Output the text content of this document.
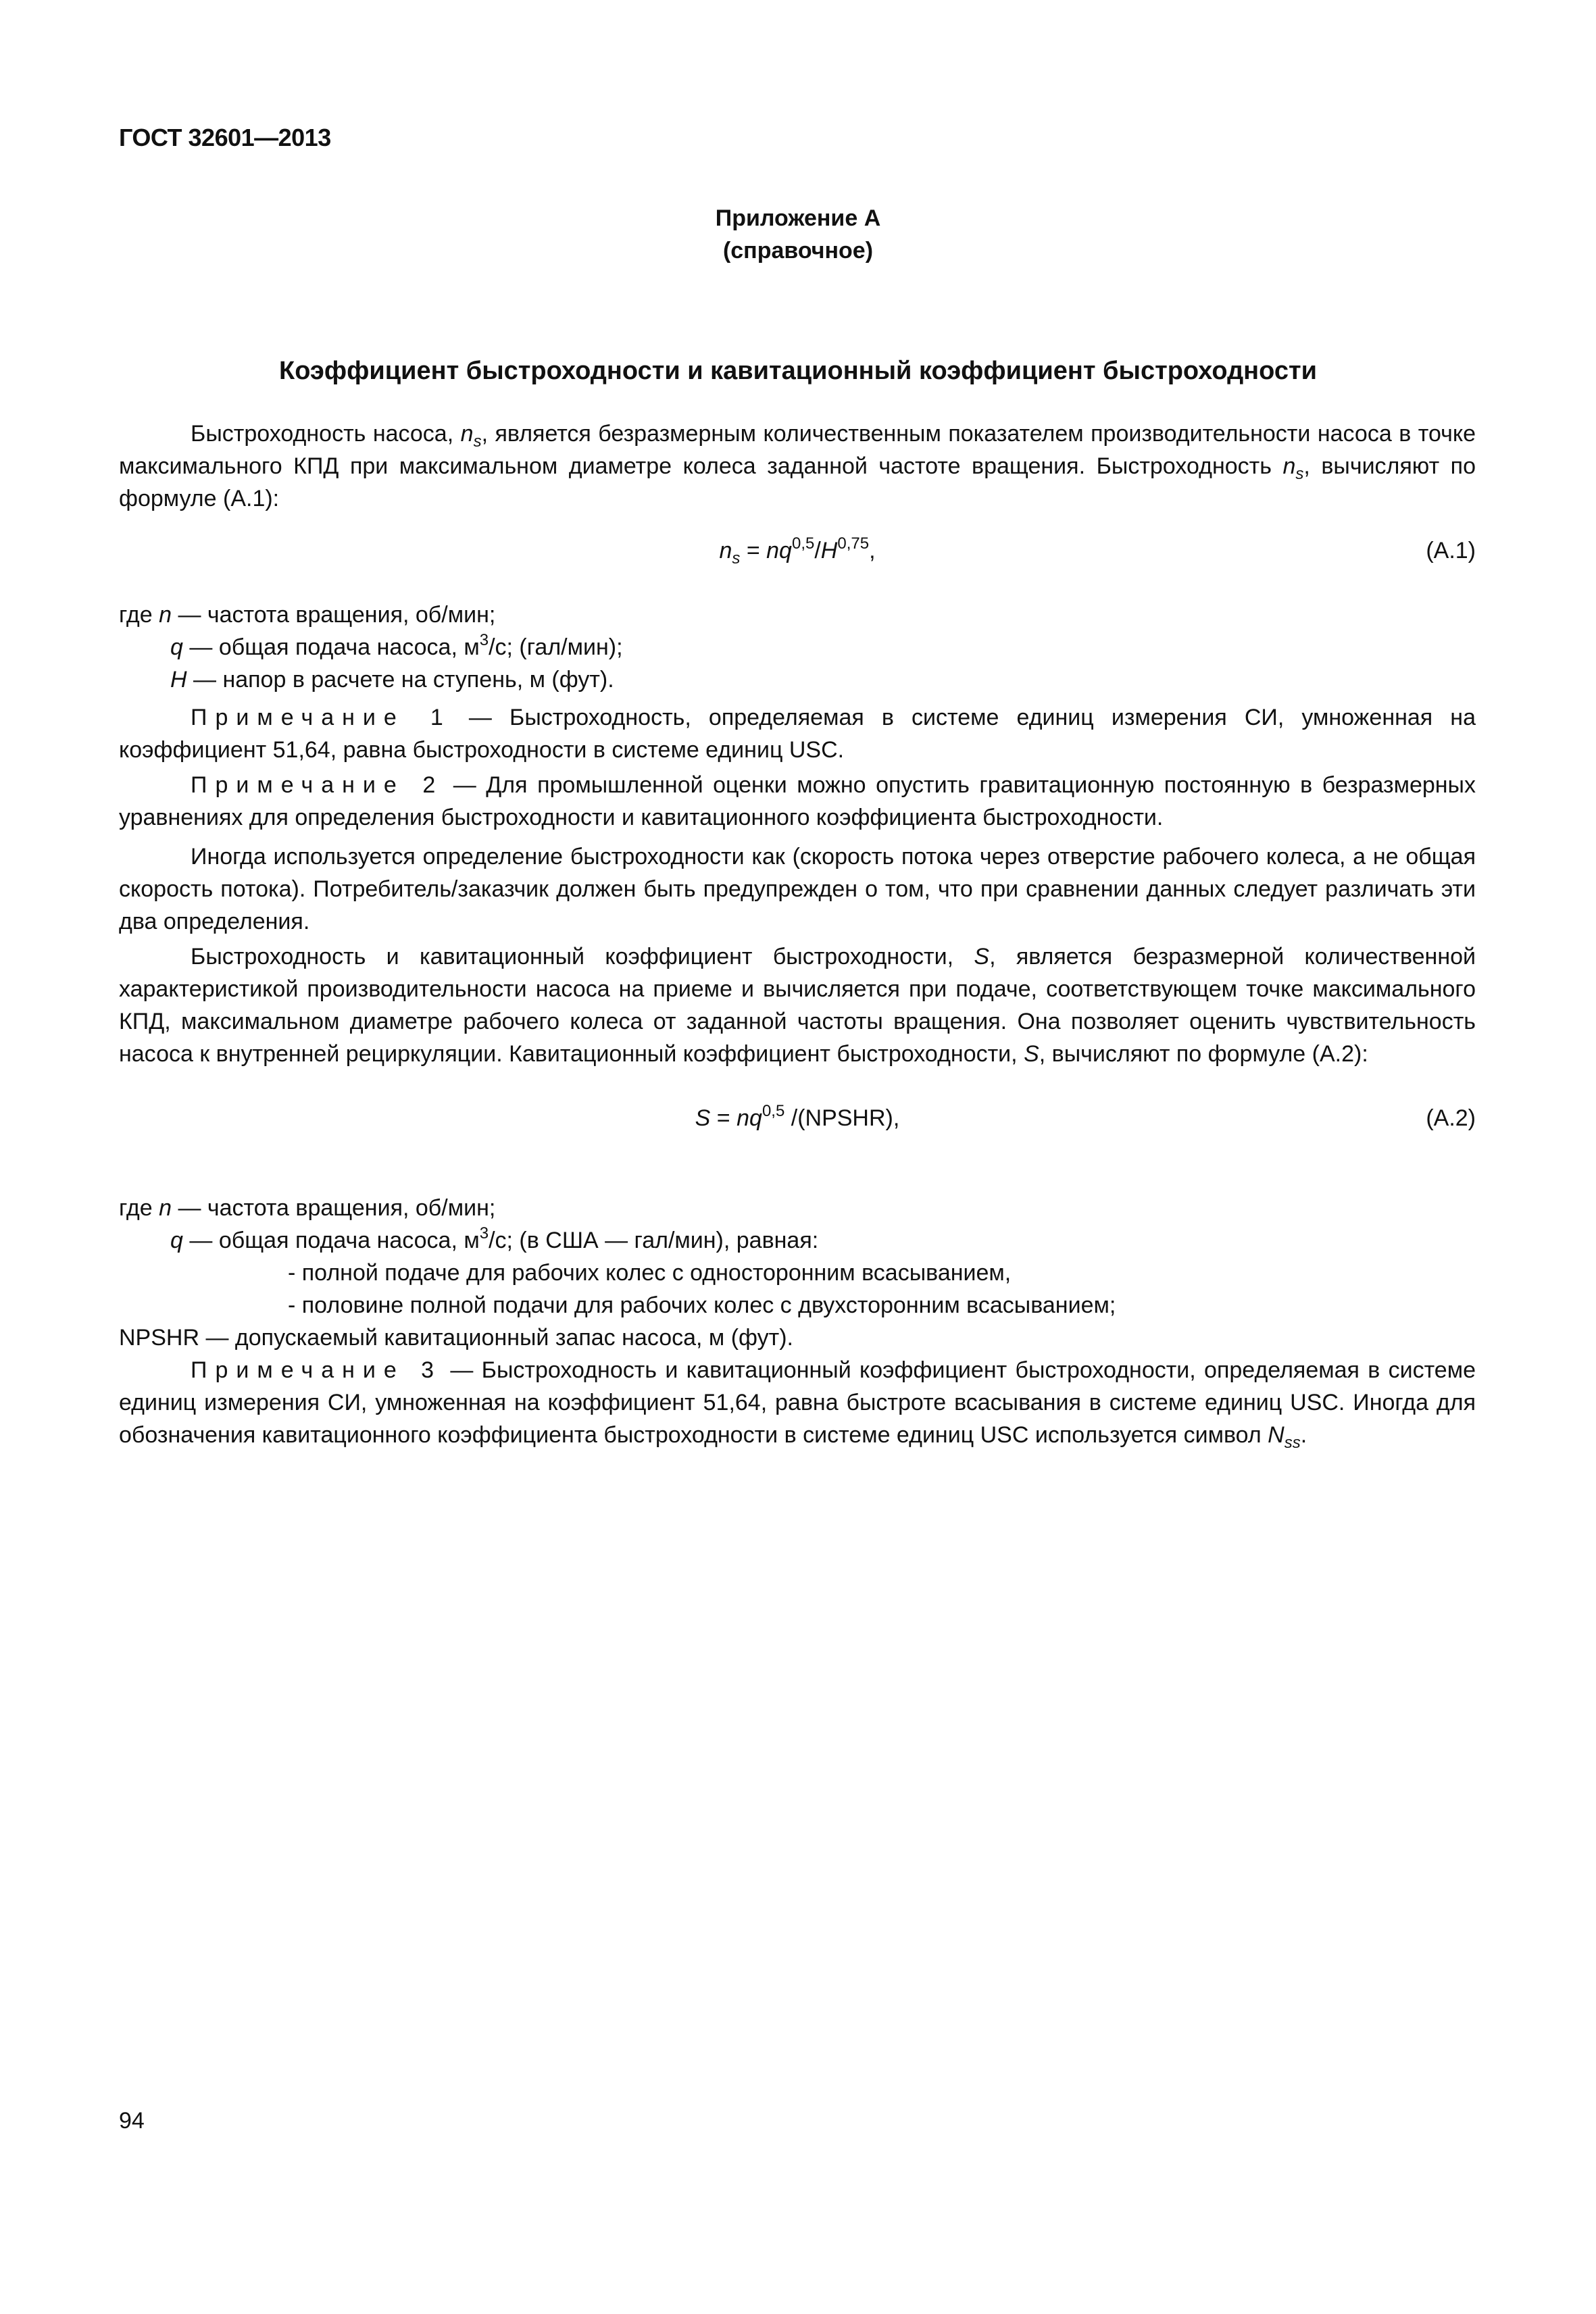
ГОСТ 32601—2013
Приложение А
(справочное)
Коэффициент быстроходности и кавитационный коэффициент быстроходности

Быстроходность насоса, $n_s$, является безразмерным количественным показателем производительности насоса в точке максимального КПД при максимальном диаметре колеса заданной частоте вращения. Быстроходность $n_s$, вычисляют по формуле (А.1):

$n_s = nq^{0,5}/H^{0,75}$,	(А.1)

где n — частота вращения, об/мин;

q — общая подача насоса, $м^3/с$; (гал/мин);

H — напор в расчете на ступень, м (фут).

Примечание 1 — Быстроходность, определяемая в системе единиц измерения СИ, умноженная на коэффициент 51,64, равна быстроходности в системе единиц USC.

Примечание 2 — Для промышленной оценки можно опустить гравитационную постоянную в безразмерных уравнениях для определения быстроходности и кавитационного коэффициента быстроходности.

Иногда используется определение быстроходности как (скорость потока через отверстие рабочего колеса, а не общая скорость потока). Потребитель/заказчик должен быть предупрежден о том, что при сравнении данных следует различать эти два определения.

Быстроходность и кавитационный коэффициент быстроходности, S, является безразмерной количественной характеристикой производительности насоса на приеме и вычисляется при подаче, соответствующем точке максимального КПД, максимальном диаметре рабочего колеса от заданной частоты вращения. Она позволяет оценить чувствительность насоса к внутренней рециркуляции. Кавитационный коэффициент быстроходности, S, вычисляют по формуле (А.2):

S = nq$^{0,5}$ /(NPSHR),	(А.2)

где n — частота вращения, об/мин;

q — общая подача насоса, $м^3/с$; (в США — гал/мин), равная:

- полной подаче для рабочих колес с односторонним всасыванием,

- половине полной подачи для рабочих колес с двухсторонним всасыванием;

NPSHR — допускаемый кавитационный запас насоса, м (фут).

Примечание 3 — Быстроходность и кавитационный коэффициент быстроходности, определяемая в системе единиц измерения СИ, умноженная на коэффициент 51,64, равна быстроте всасывания в системе единиц USC. Иногда для обозначения кавитационного коэффициента быстроходности в системе единиц USC используется символ $N_{ss}$.

94
